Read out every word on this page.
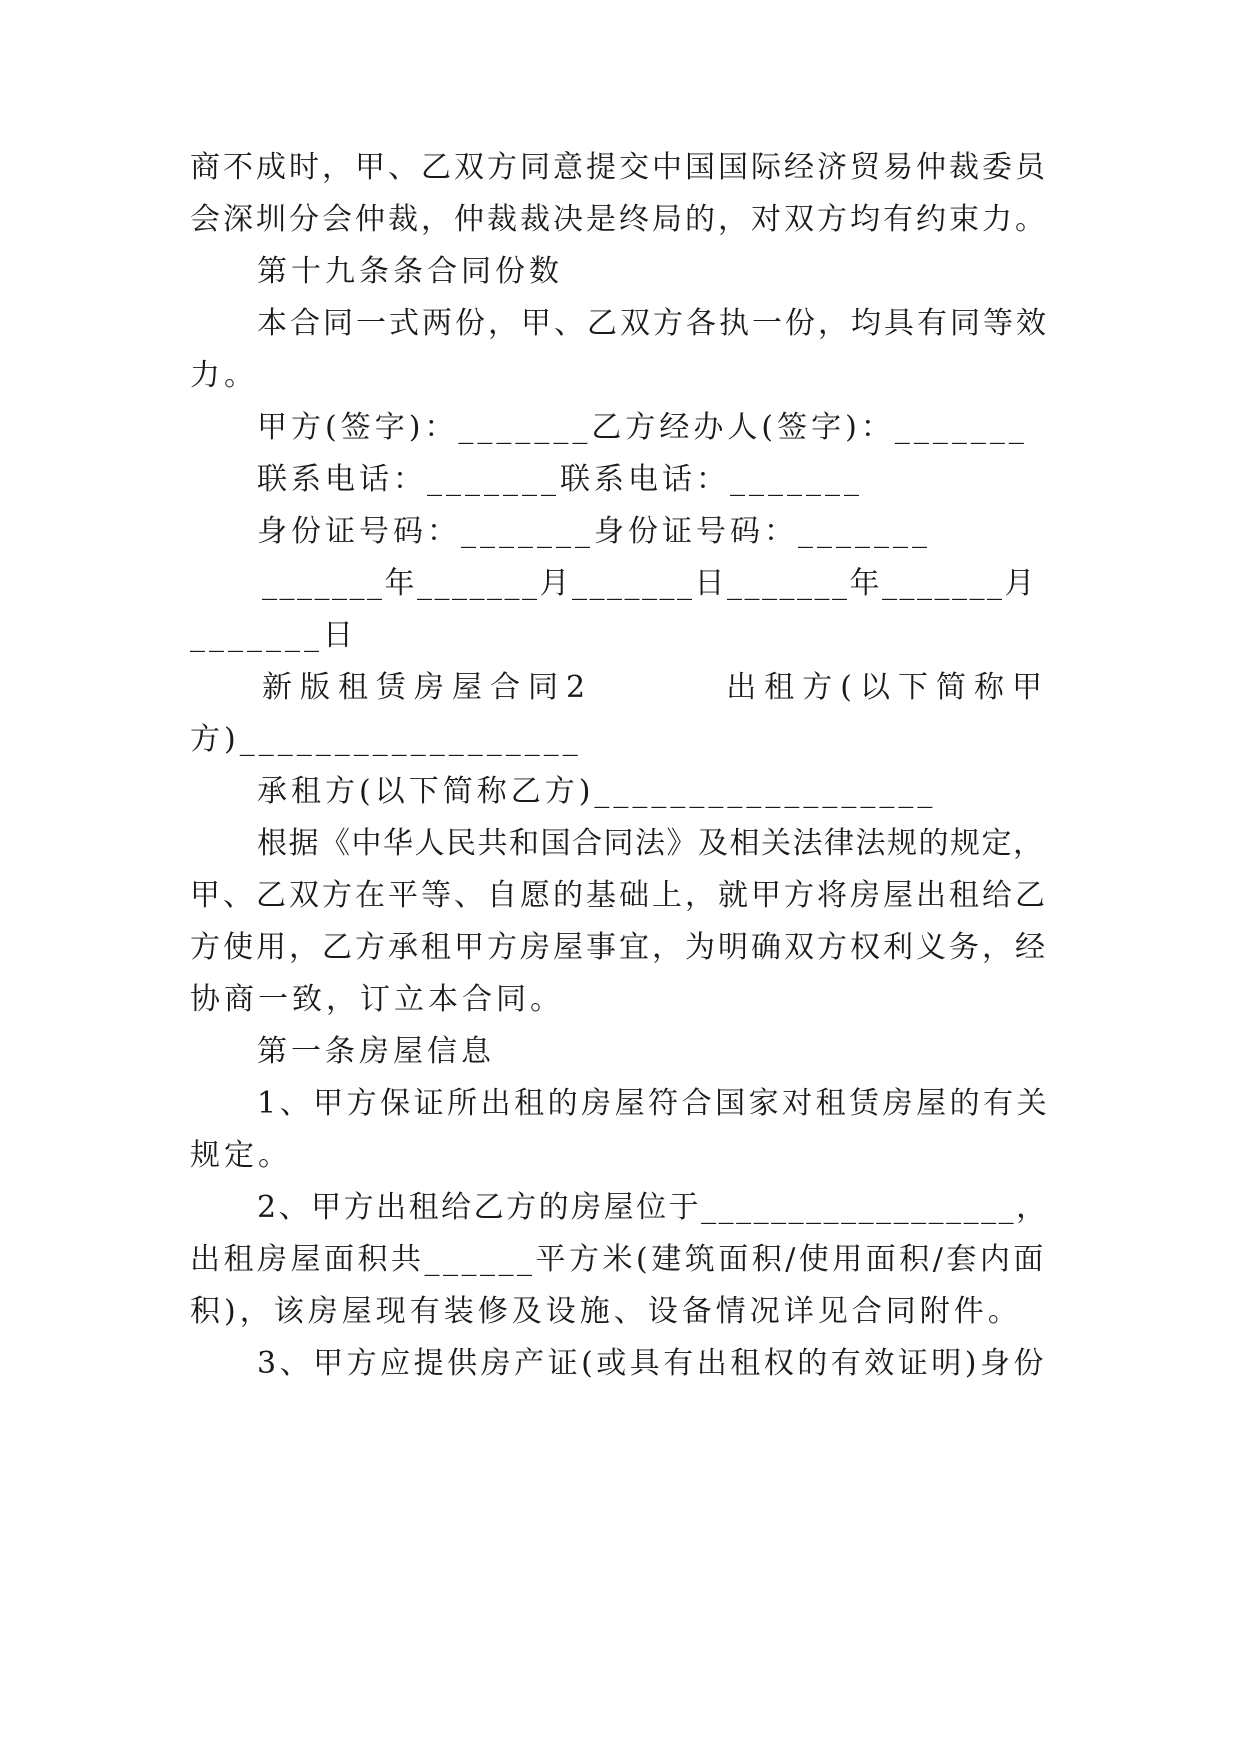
商不成时，甲、乙双方同意提交中国国际经济贸易仲裁委员
会深圳分会仲裁，仲裁裁决是终局的，对双方均有约束力。
第十九条条合同份数
本合同一式两份，甲、乙双方各执一份，均具有同等效
力。
甲方(签字)：_______乙方经办人(签字)：_______
联系电话：_______联系电话：_______
身份证号码：_______身份证号码：_______
_______年_______月_______日_______年_______月
_______日
新版租赁房屋合同2	出租方(以下简称甲
方)__________________
承租方(以下简称乙方)__________________
根据《中华人民共和国合同法》及相关法律法规的规定，
甲、乙双方在平等、自愿的基础上，就甲方将房屋出租给乙
方使用，乙方承租甲方房屋事宜，为明确双方权利义务，经
协商一致，订立本合同。
第一条房屋信息
1、甲方保证所出租的房屋符合国家对租赁房屋的有关
规定。
2、甲方出租给乙方的房屋位于__________________，
出租房屋面积共______平方米(建筑面积/使用面积/套内面
积)，该房屋现有装修及设施、设备情况详见合同附件。
3、甲方应提供房产证(或具有出租权的有效证明)身份
